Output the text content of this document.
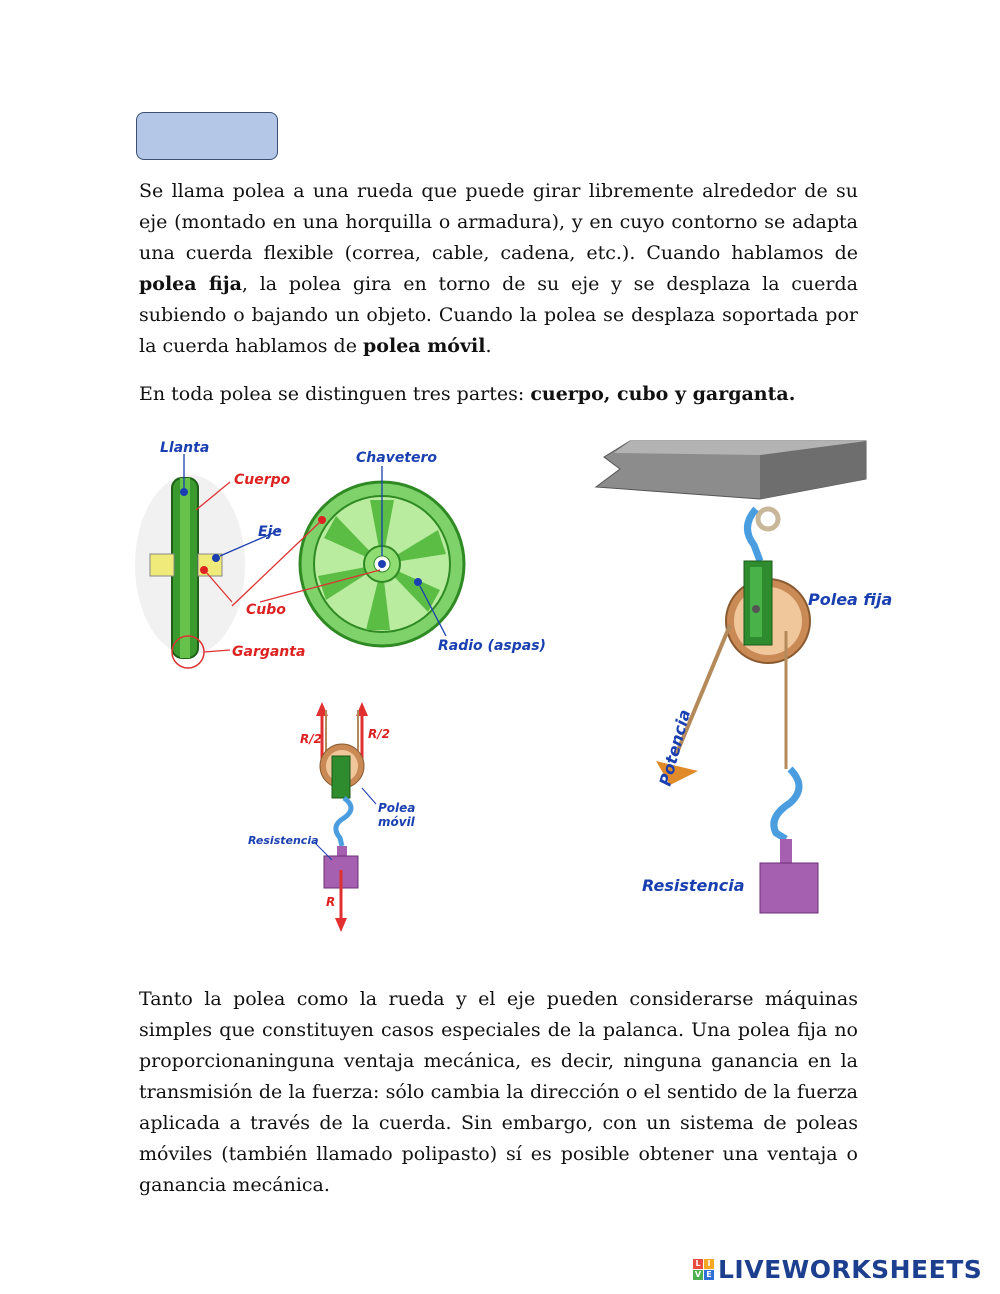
Se llama polea a una rueda que puede girar libremente alrededor de su eje (montado en una horquilla o armadura), y en cuyo contorno se adapta una cuerda flexible (correa, cable, cadena, etc.). Cuando hablamos de polea fija, la polea gira en torno de su eje y se desplaza la cuerda subiendo o bajando un objeto. Cuando la polea se desplaza soportada por la cuerda hablamos de polea móvil.

En toda polea se distinguen tres partes: cuerpo, cubo y garganta.

Llanta
Cuerpo
Eje
Cubo
Garganta
Chavetero
Radio (aspas)
Polea fija
Potencia
Resistencia
R/2	R/2
Polea
móvil
Resistencia
R

Tanto la polea como la rueda y el eje pueden considerarse máquinas simples que constituyen casos especiales de la palanca. Una polea fija no proporcionaninguna ventaja mecánica, es decir, ninguna ganancia en la transmisión de la fuerza: sólo cambia la dirección o el sentido de la fuerza aplicada a través de la cuerda. Sin embargo, con un sistema de poleas móviles (también llamado polipasto) sí es posible obtener una ventaja o ganancia mecánica.

L I
V E LIVEWORKSHEETS
